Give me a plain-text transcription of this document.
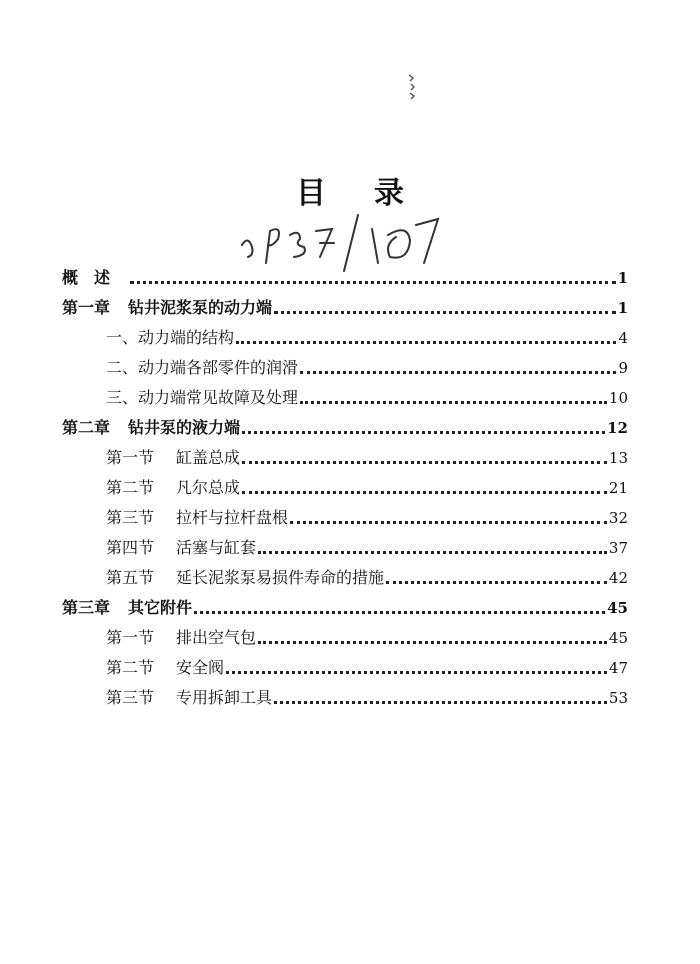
目 录
概　述	1
第一章 钻井泥浆泵的动力端	1
一、 动力端的结构	4
二、 动力端各部零件的润滑	9
三、 动力端常见故障及处理	10
第二章 钻井泵的液力端	12
第一节 缸盖总成	13
第二节 凡尔总成	21
第三节 拉杆与拉杆盘根	32
第四节 活塞与缸套	37
第五节 延长泥浆泵易损件寿命的措施	42
第三章 其它附件	45
第一节 排出空气包	45
第二节 安全阀	47
第三节 专用拆卸工具	53
